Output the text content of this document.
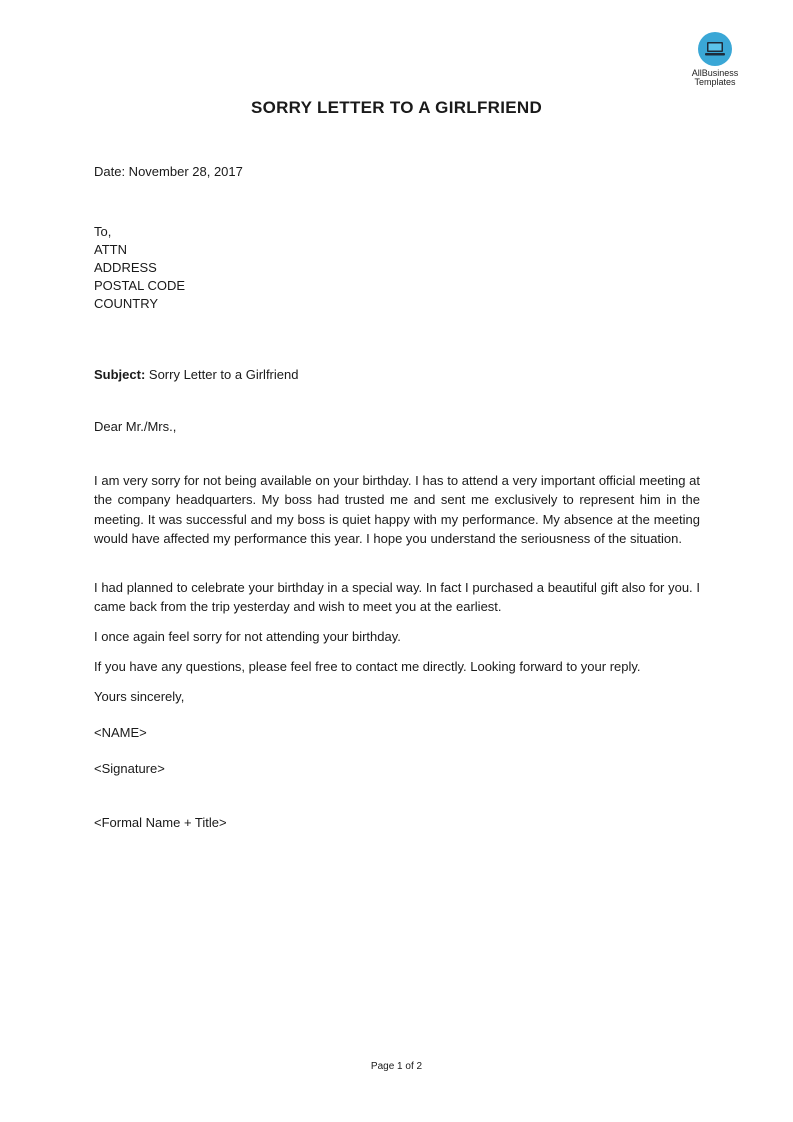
AllBusiness
Templates
SORRY LETTER TO A GIRLFRIEND
Date: November 28, 2017
To,
ATTN
ADDRESS
POSTAL CODE
COUNTRY
Subject: Sorry Letter to a Girlfriend
Dear Mr./Mrs.,
I am very sorry for not being available on your birthday. I has to attend a very important official meeting at the company headquarters. My boss had trusted me and sent me exclusively to represent him in the meeting. It was successful and my boss is quiet happy with my performance. My absence at the meeting would have affected my performance this year. I hope you understand the seriousness of the situation.
I had planned to celebrate your birthday in a special way. In fact I purchased a beautiful gift also for you. I came back from the trip yesterday and wish to meet you at the earliest.
I once again feel sorry for not attending your birthday.
If you have any questions, please feel free to contact me directly. Looking forward to your reply.
Yours sincerely,
<NAME>
<Signature>
<Formal Name + Title>
Page 1 of 2
